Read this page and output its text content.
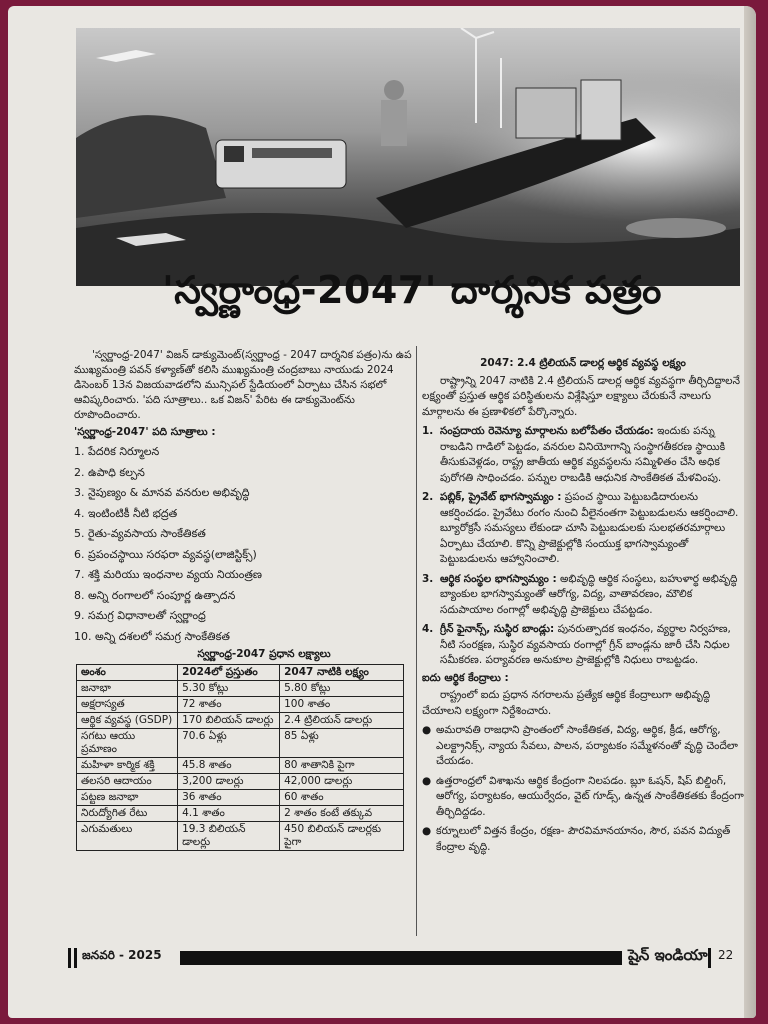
'స్వర్ణాంధ్ర-2047' దార్శనిక పత్రం

'స్వర్ణాంధ్ర-2047' విజన్ డాక్యుమెంట్(స్వర్ణాంధ్ర - 2047 దార్శనిక పత్రం)ను ఉప ముఖ్యమంత్రి పవన్ కళ్యాణ్‌తో కలిసి ముఖ్యమంత్రి చంద్రబాబు నాయుడు 2024 డిసెంబర్ 13న విజయవాడలోని మున్సిపల్ స్టేడియంలో ఏర్పాటు చేసిన సభలో ఆవిష్కరించారు. 'పది సూత్రాలు.. ఒక విజన్' పేరిట ఈ డాక్యుమెంట్‌ను రూపొందించారు.

'స్వర్ణాంధ్ర-2047' పది సూత్రాలు :

1. పేదరిక నిర్మూలన
2. ఉపాధి కల్పన
3. నైపుణ్యం & మానవ వనరుల అభివృద్ధి
4. ఇంటింటికీ నీటి భద్రత
5. రైతు-వ్యవసాయ సాంకేతికత
6. ప్రపంచస్థాయి సరఫరా వ్యవస్థ(లాజిస్టిక్స్)
7. శక్తి మరియు ఇంధనాల వ్యయ నియంత్రణ
8. అన్ని రంగాలలో సంపూర్ణ ఉత్పాదన
9. సమగ్ర విధానాలతో స్వర్ణాంధ్ర
10. అన్ని దశలలో సమగ్ర సాంకేతికత
స్వర్ణాంధ్ర-2047 ప్రధాన లక్ష్యాలు
అంశం	2024లో ప్రస్తుతం	2047 నాటికి లక్ష్యం
జనాభా	5.30 కోట్లు	5.80 కోట్లు
అక్షరాస్యత	72 శాతం	100 శాతం
ఆర్థిక వ్యవస్థ (GSDP)	170 బిలియన్ డాలర్లు	2.4 ట్రిలియన్ డాలర్లు
సగటు ఆయు ప్రమాణం	70.6 ఏళ్లు	85 ఏళ్లు
మహిళా కార్మిక శక్తి	45.8 శాతం	80 శాతానికి పైగా
తలసరి ఆదాయం	3,200 డాలర్లు	42,000 డాలర్లు
పట్టణ జనాభా	36 శాతం	60 శాతం
నిరుద్యోగిత రేటు	4.1 శాతం	2 శాతం కంటే తక్కువ
ఎగుమతులు	19.3 బిలియన్ డాలర్లు	450 బిలియన్ డాలర్లకు పైగా
2047: 2.4 ట్రిలియన్ డాలర్ల ఆర్థిక వ్యవస్థ లక్ష్యం

రాష్ట్రాన్ని 2047 నాటికి 2.4 ట్రిలియన్ డాలర్ల ఆర్థిక వ్యవస్థగా తీర్చిదిద్దాలనే లక్ష్యంతో ప్రస్తుత ఆర్థిక పరిస్థితులను విశ్లేషిస్తూ లక్ష్యాలు చేరుకునే నాలుగు మార్గాలను ఈ ప్రణాళికలో పేర్కొన్నారు.

1. సంప్రదాయ రెవెన్యూ మార్గాలను బలోపేతం చేయడం: ఇందుకు పన్ను రాబడిని గాడిలో పెట్టడం, వనరుల వినియోగాన్ని సంస్థాగతీకరణ స్థాయికి తీసుకువెళ్లడం, రాష్ట్ర జాతీయ ఆర్థిక వ్యవస్థలను సమ్మిళితం చేసి అధిక పురోగతి సాధించడం. పన్నుల రాబడికి ఆధునిక సాంకేతికత మేళవింపు.
2. పబ్లిక్, ప్రైవేట్ భాగస్వామ్యం : ప్రపంచ స్థాయి పెట్టుబడిదారులను ఆకర్షించడం. ప్రైవేటు రంగం నుంచి వీలైనంతగా పెట్టుబడులను ఆకర్షించాలి. బ్యూరోక్రసీ సమస్యలు లేకుండా చూసి పెట్టుబడులకు సులభతరమార్గాలు ఏర్పాటు చేయాలి. కొన్ని ప్రాజెక్టుల్లోకి సంయుక్త భాగస్వామ్యంతో పెట్టుబడులను ఆహ్వానించాలి.
3. ఆర్థిక సంస్థల భాగస్వామ్యం : అభివృద్ధి ఆర్థిక సంస్థలు, బహుళార్థ అభివృద్ధి బ్యాంకుల భాగస్వామ్యంతో ఆరోగ్య, విద్య, వాతావరణం, మౌలిక సదుపాయాల రంగాల్లో అభివృద్ధి ప్రాజెక్టులు చేపట్టడం.
4. గ్రీన్ ఫైనాన్స్, సుస్థిర బాండ్లు: పునరుత్పాదక ఇంధనం, వ్యర్థాల నిర్వహణ, నీటి సంరక్షణ, సుస్థిర వ్యవసాయ రంగాల్లో గ్రీన్ బాండ్లను జారీ చేసి నిధుల సమీకరణ. పర్యావరణ అనుకూల ప్రాజెక్టుల్లోకి నిధులు రాబట్టడం.

ఐదు ఆర్థిక కేంద్రాలు :

రాష్ట్రంలో ఐదు ప్రధాన నగరాలను ప్రత్యేక ఆర్థిక కేంద్రాలుగా అభివృద్ధి చేయాలని లక్ష్యంగా నిర్దేశించారు.

● అమరావతి రాజధాని ప్రాంతంలో సాంకేతికత, విద్య, ఆర్థిక, క్రీడ, ఆరోగ్య, ఎలక్ట్రానిక్స్, న్యాయ సేవలు, పాలన, పర్యాటకం సమ్మేళనంతో వృద్ధి చెందేలా చేయడం.
● ఉత్తరాంధ్రలో విశాఖను ఆర్థిక కేంద్రంగా నిలపడం. బ్లూ ఓషన్, షిప్ బిల్డింగ్, ఆరోగ్య, పర్యాటకం, ఆయుర్వేదం, వైట్ గూడ్స్, ఉన్నత సాంకేతికతకు కేంద్రంగా తీర్చిదిద్దడం.
● కర్నూలులో విత్తన కేంద్రం, రక్షణ- పౌరవిమానయానం, సౌర, పవన విద్యుత్ కేంద్రాల వృద్ధి.
జనవరి - 2025	షైన్ ఇండియా 22
